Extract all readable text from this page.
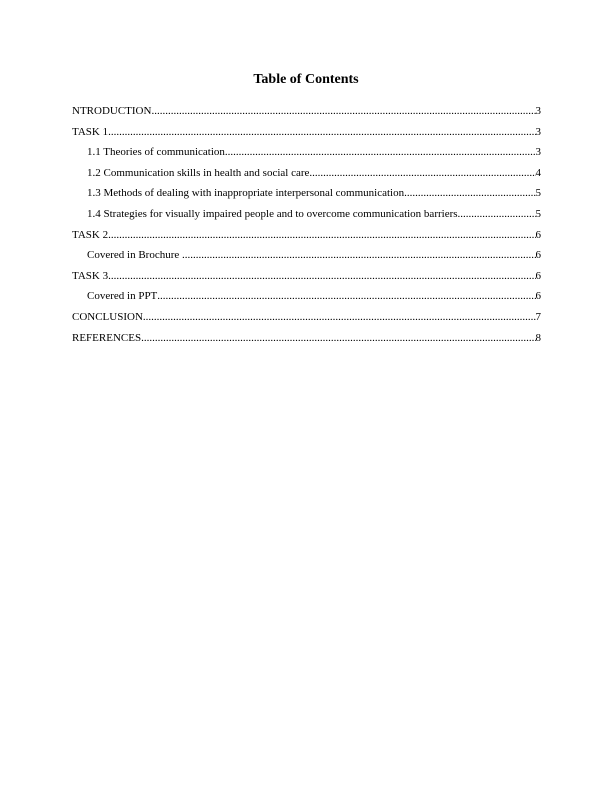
Table of Contents
NTRODUCTION .....	3
TASK 1 .....	3
1.1 Theories of communication .....	3
1.2 Communication skills in health and social care .....	4
1.3 Methods of dealing with inappropriate interpersonal communication .....	5
1.4 Strategies for visually impaired people and to overcome communication barriers .....	5
TASK 2 .....	6
Covered in Brochure .....	6
TASK 3 .....	6
Covered in PPT .....	6
CONCLUSION .....	7
REFERENCES .....	8
